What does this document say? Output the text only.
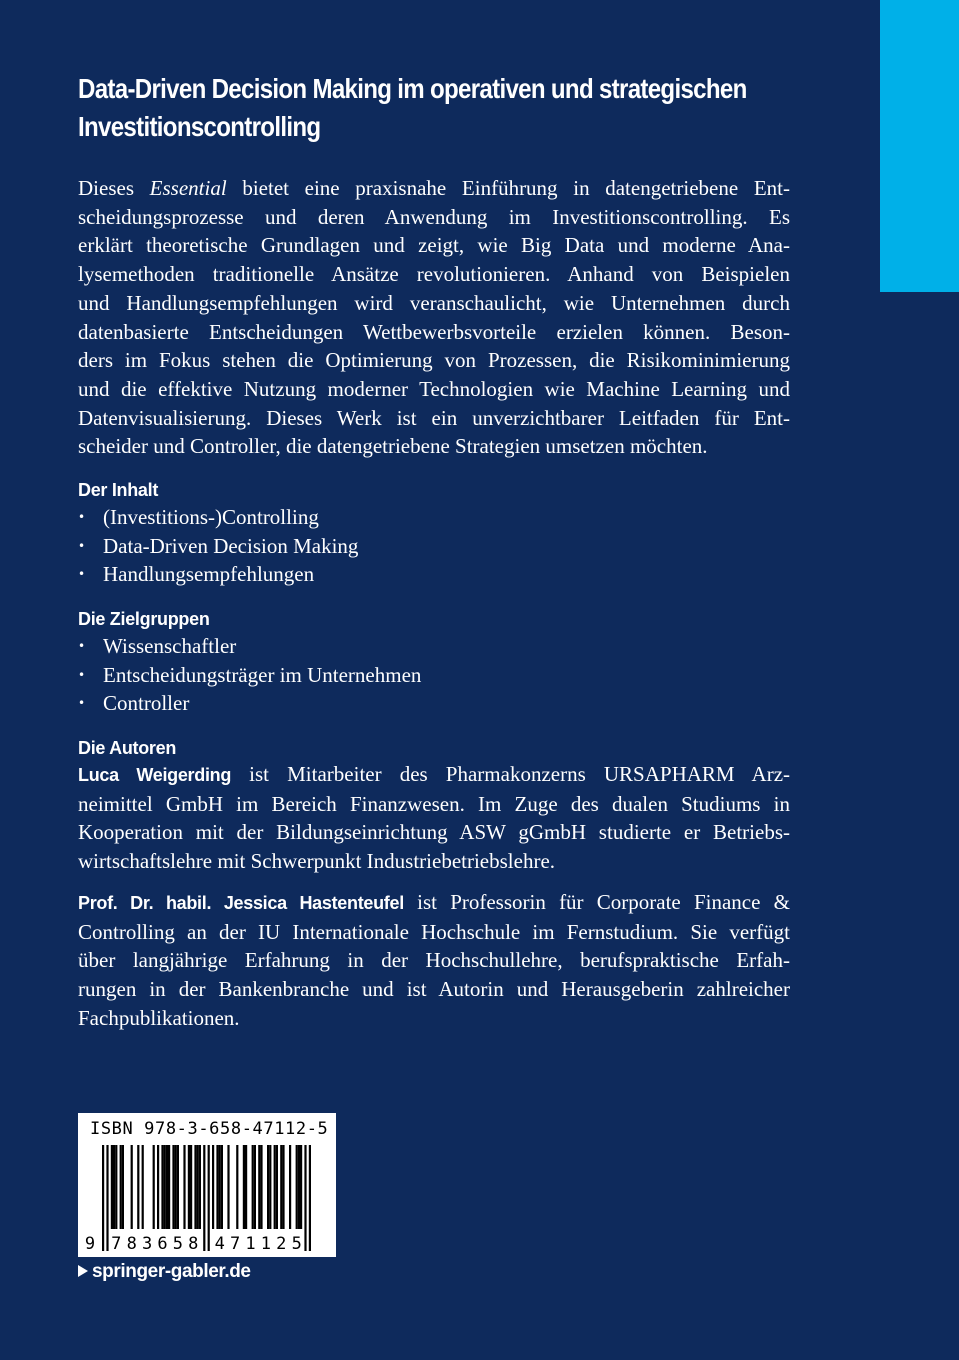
Data-Driven Decision Making im operativen und strategischen
Investitionscontrolling
Dieses Essential bietet eine praxisnahe Einführung in datengetriebene Ent-
scheidungsprozesse und deren Anwendung im Investitionscontrolling. Es
erklärt theoretische Grundlagen und zeigt, wie Big Data und moderne Ana-
lysemethoden traditionelle Ansätze revolutionieren. Anhand von Beispielen
und Handlungsempfehlungen wird veranschaulicht, wie Unternehmen durch
datenbasierte Entscheidungen Wettbewerbsvorteile erzielen können. Beson-
ders im Fokus stehen die Optimierung von Prozessen, die Risikominimierung
und die effektive Nutzung moderner Technologien wie Machine Learning und
Datenvisualisierung. Dieses Werk ist ein unverzichtbarer Leitfaden für Ent-
scheider und Controller, die datengetriebene Strategien umsetzen möchten.
Der Inhalt
• (Investitions-)Controlling
• Data-Driven Decision Making
• Handlungsempfehlungen
Die Zielgruppen
• Wissenschaftler
• Entscheidungsträger im Unternehmen
• Controller
Die Autoren
Luca Weigerding ist Mitarbeiter des Pharmakonzerns URSAPHARM Arz-
neimittel GmbH im Bereich Finanzwesen. Im Zuge des dualen Studiums in
Kooperation mit der Bildungseinrichtung ASW gGmbH studierte er Betriebs-
wirtschaftslehre mit Schwerpunkt Industriebetriebslehre.
Prof. Dr. habil. Jessica Hastenteufel ist Professorin für Corporate Finance &
Controlling an der IU Internationale Hochschule im Fernstudium. Sie verfügt
über langjährige Erfahrung in der Hochschullehre, berufspraktische Erfah-
rungen in der Bankenbranche und ist Autorin und Herausgeberin zahlreicher
Fachpublikationen.
ISBN 978-3-658-47112-5
9 7 8 3 6 5 8 4 7 1 1 2 5
springer-gabler.de
